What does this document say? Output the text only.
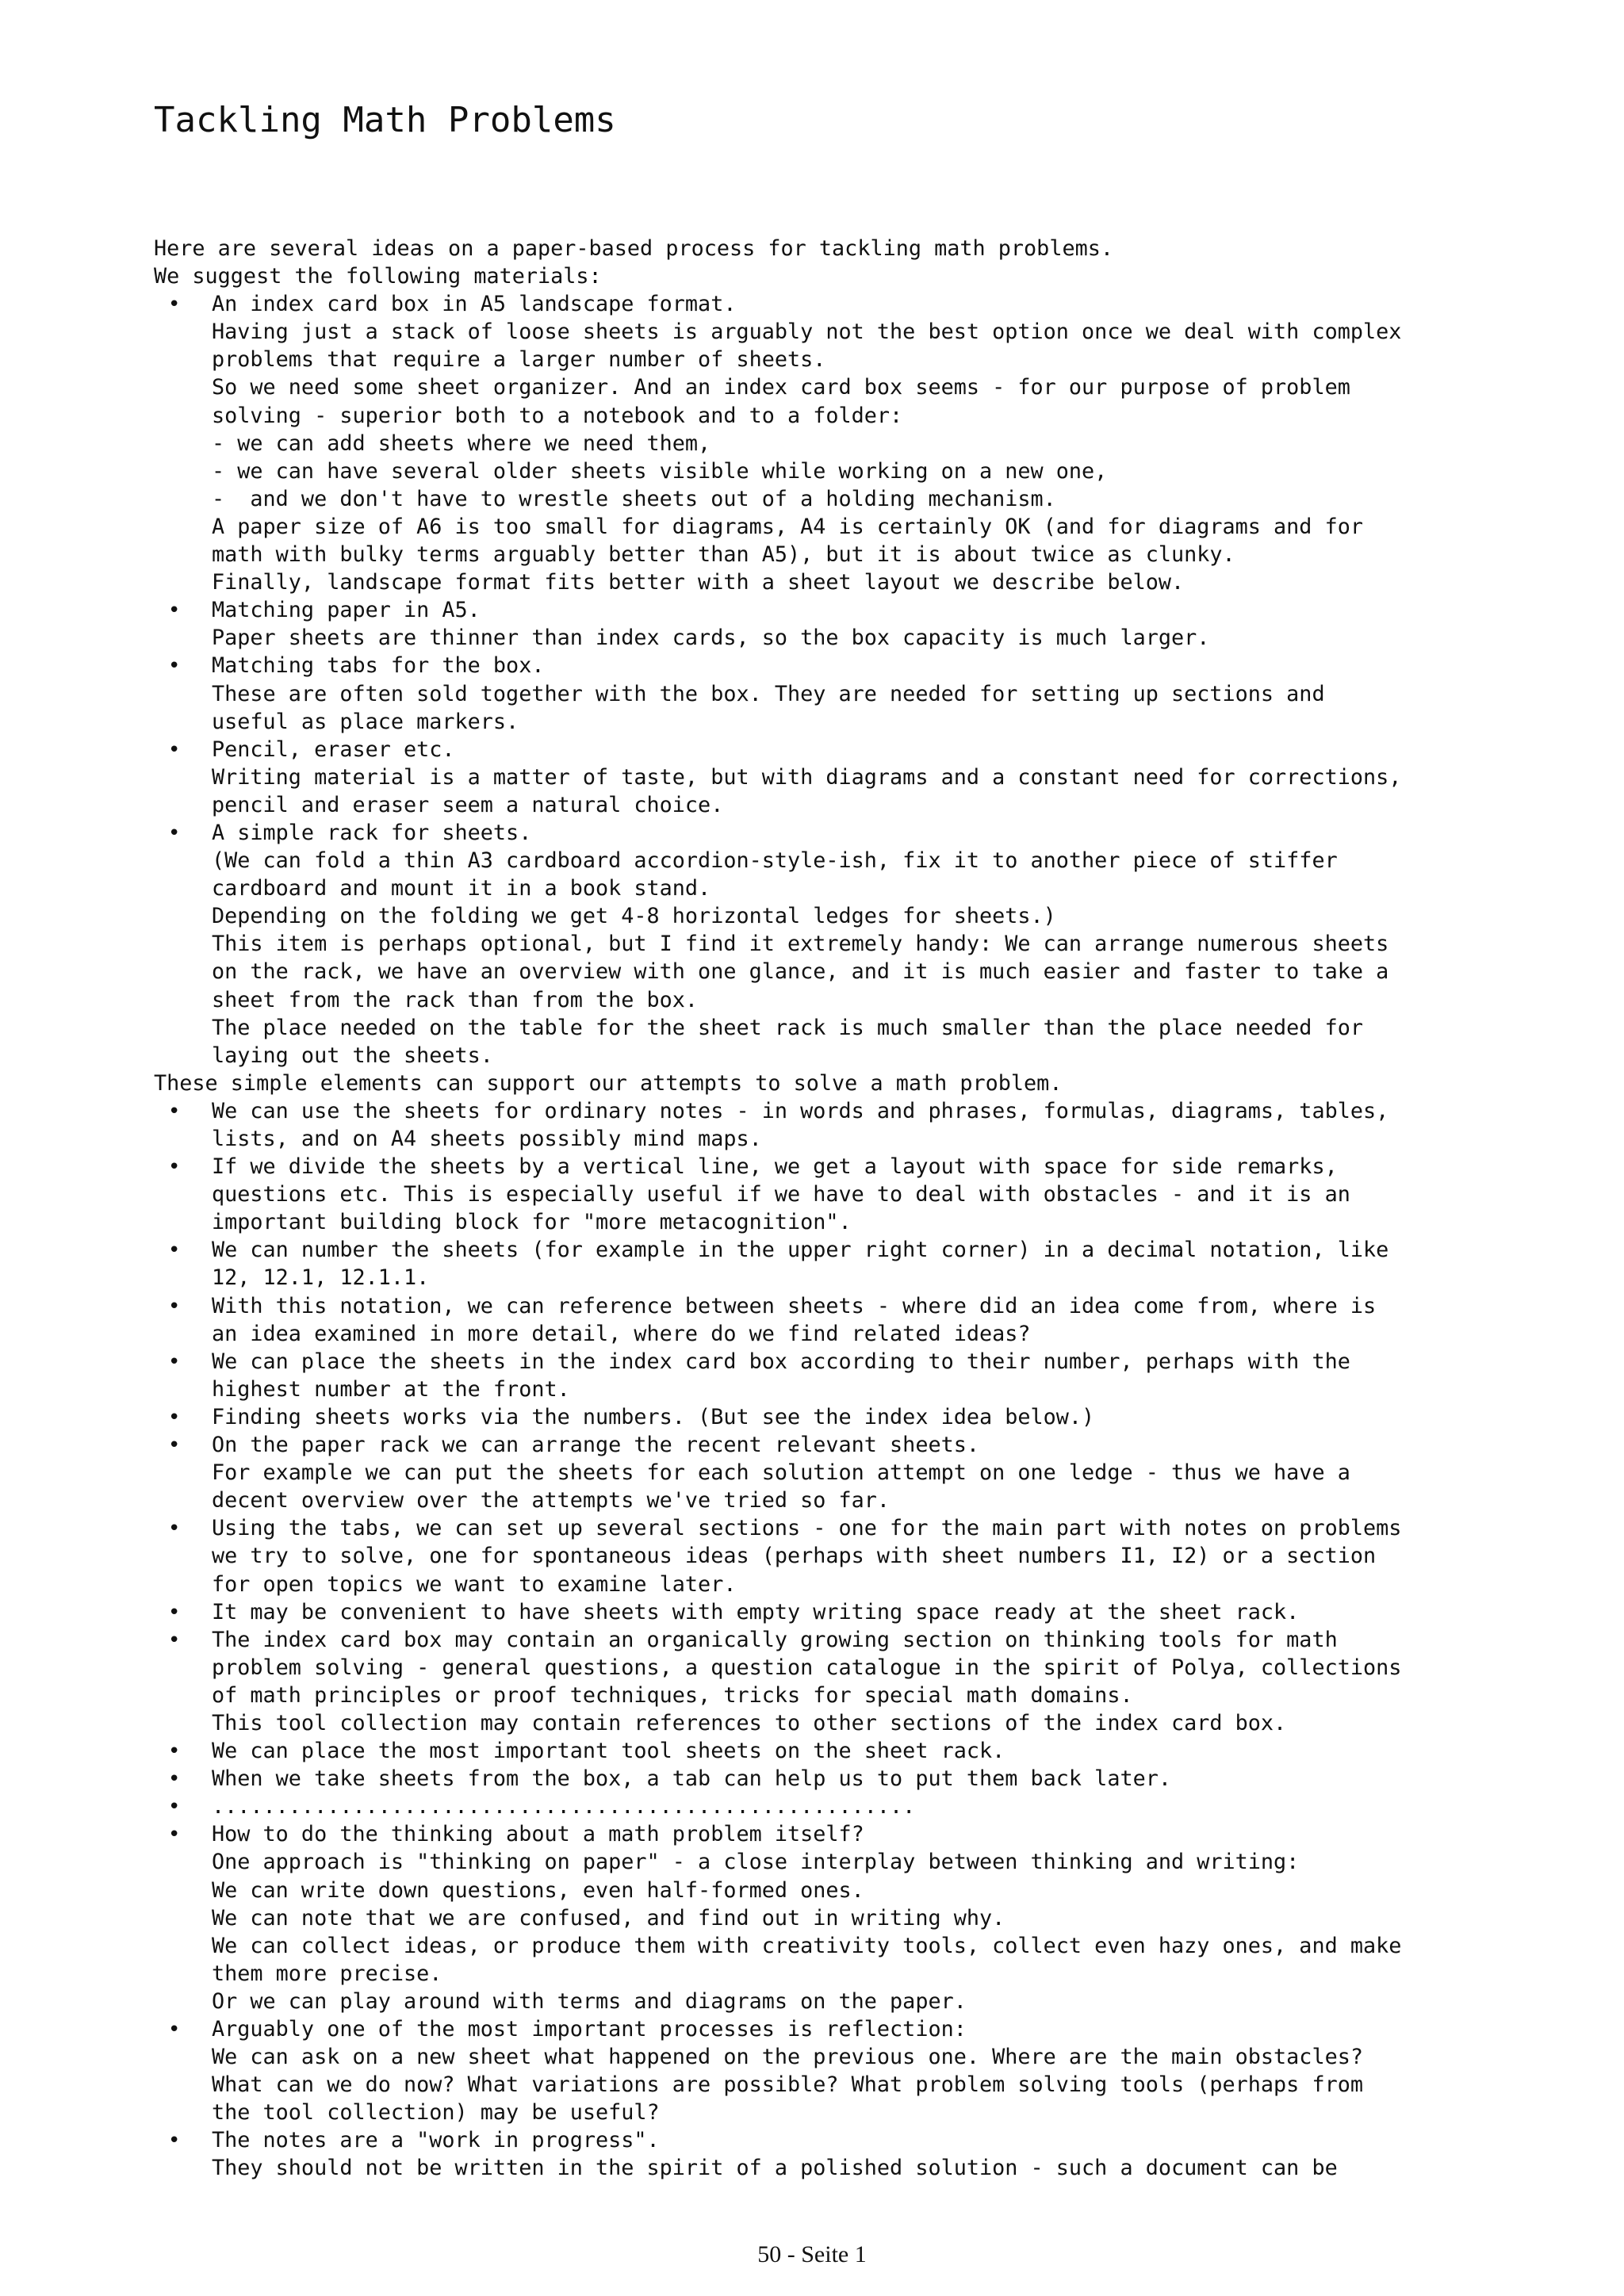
Tackling Math Problems
Here are several ideas on a paper-based process for tackling math problems.
We suggest the following materials:
•
An index card box in A5 landscape format.
Having just a stack of loose sheets is arguably not the best option once we deal with complex
problems that require a larger number of sheets.
So we need some sheet organizer. And an index card box seems - for our purpose of problem
solving - superior both to a notebook and to a folder:
- we can add sheets where we need them,
- we can have several older sheets visible while working on a new one,
-  and we don't have to wrestle sheets out of a holding mechanism.
A paper size of A6 is too small for diagrams, A4 is certainly OK (and for diagrams and for
math with bulky terms arguably better than A5), but it is about twice as clunky.
Finally, landscape format fits better with a sheet layout we describe below.
•
Matching paper in A5.
Paper sheets are thinner than index cards, so the box capacity is much larger.
•
Matching tabs for the box.
These are often sold together with the box. They are needed for setting up sections and
useful as place markers.
•
Pencil, eraser etc.
Writing material is a matter of taste, but with diagrams and a constant need for corrections,
pencil and eraser seem a natural choice.
•
A simple rack for sheets.
(We can fold a thin A3 cardboard accordion-style-ish, fix it to another piece of stiffer
cardboard and mount it in a book stand.
Depending on the folding we get 4-8 horizontal ledges for sheets.)
This item is perhaps optional, but I find it extremely handy: We can arrange numerous sheets
on the rack, we have an overview with one glance, and it is much easier and faster to take a
sheet from the rack than from the box.
The place needed on the table for the sheet rack is much smaller than the place needed for
laying out the sheets.
These simple elements can support our attempts to solve a math problem.
•
We can use the sheets for ordinary notes - in words and phrases, formulas, diagrams, tables,
lists, and on A4 sheets possibly mind maps.
•
If we divide the sheets by a vertical line, we get a layout with space for side remarks,
questions etc. This is especially useful if we have to deal with obstacles - and it is an
important building block for "more metacognition".
•
We can number the sheets (for example in the upper right corner) in a decimal notation, like
12, 12.1, 12.1.1.
•
With this notation, we can reference between sheets - where did an idea come from, where is
an idea examined in more detail, where do we find related ideas?
•
We can place the sheets in the index card box according to their number, perhaps with the
highest number at the front.
•
Finding sheets works via the numbers. (But see the index idea below.)
•
On the paper rack we can arrange the recent relevant sheets.
For example we can put the sheets for each solution attempt on one ledge - thus we have a
decent overview over the attempts we've tried so far.
•
Using the tabs, we can set up several sections - one for the main part with notes on problems
we try to solve, one for spontaneous ideas (perhaps with sheet numbers I1, I2) or a section
for open topics we want to examine later.
•
It may be convenient to have sheets with empty writing space ready at the sheet rack.
•
The index card box may contain an organically growing section on thinking tools for math
problem solving - general questions, a question catalogue in the spirit of Polya, collections
of math principles or proof techniques, tricks for special math domains.
This tool collection may contain references to other sections of the index card box.
•
We can place the most important tool sheets on the sheet rack.
•
When we take sheets from the box, a tab can help us to put them back later.
•
.......................................................
•
How to do the thinking about a math problem itself?
One approach is "thinking on paper" - a close interplay between thinking and writing:
We can write down questions, even half-formed ones.
We can note that we are confused, and find out in writing why.
We can collect ideas, or produce them with creativity tools, collect even hazy ones, and make
them more precise.
Or we can play around with terms and diagrams on the paper.
•
Arguably one of the most important processes is reflection:
We can ask on a new sheet what happened on the previous one. Where are the main obstacles?
What can we do now? What variations are possible? What problem solving tools (perhaps from
the tool collection) may be useful?
•
The notes are a "work in progress".
They should not be written in the spirit of a polished solution - such a document can be
50 - Seite 1
